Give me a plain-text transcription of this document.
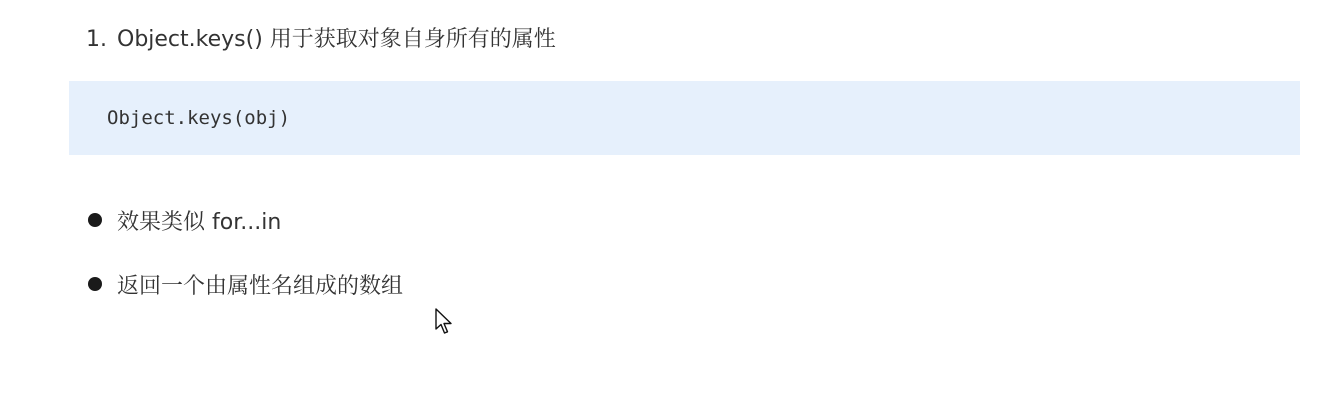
1. Object.keys() 用于获取对象自身所有的属性
Object.keys(obj)
效果类似 for...in
返回一个由属性名组成的数组
